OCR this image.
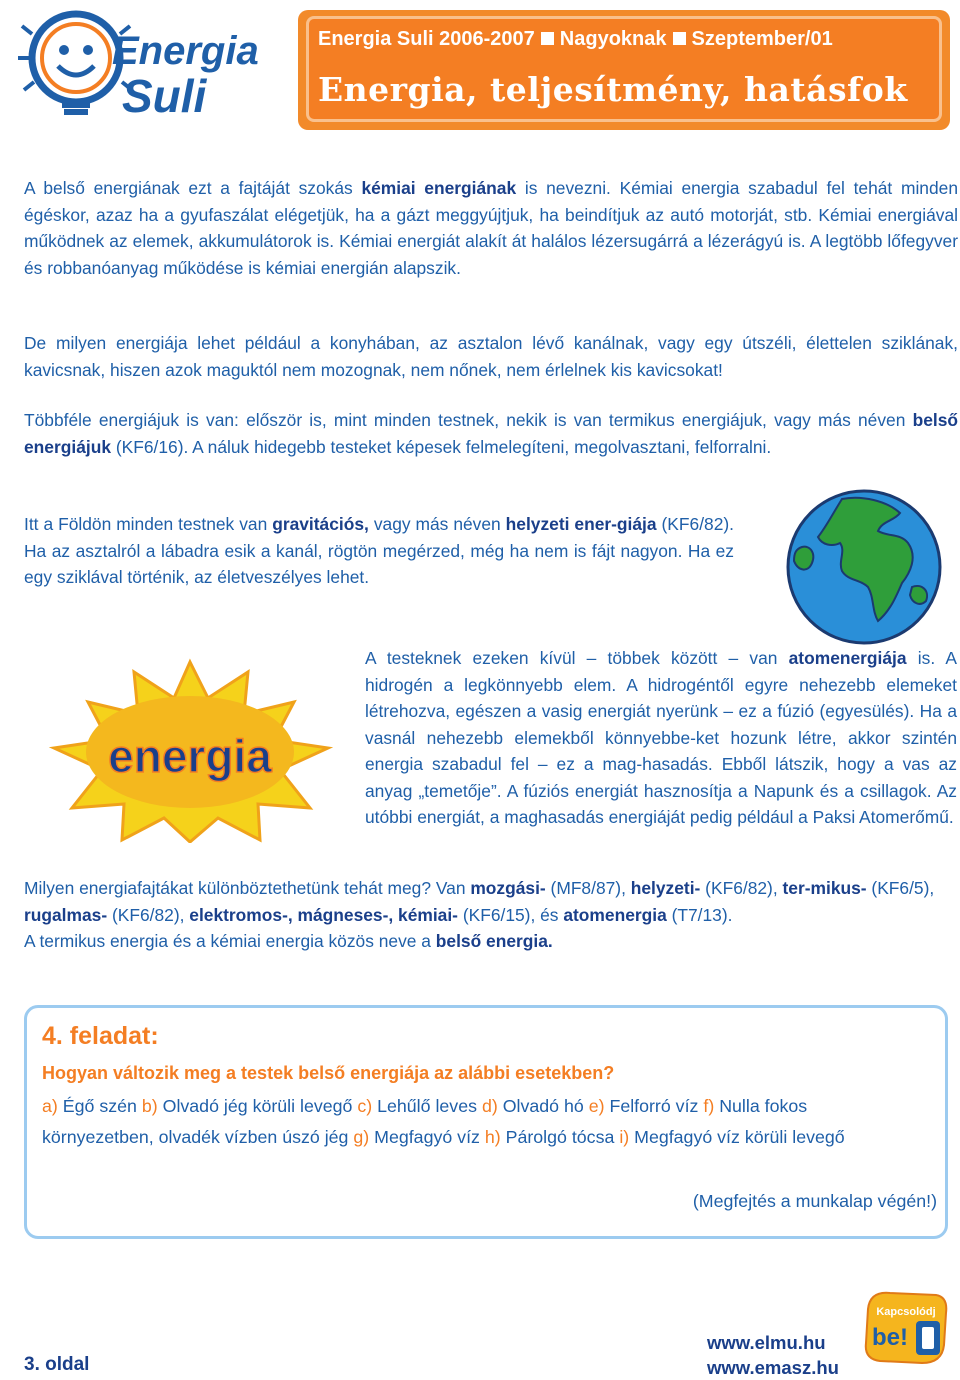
Energia
Suli
Energia Suli 2006-2007 Nagyoknak Szeptember/01
Energia, teljesítmény, hatásfok

A belső energiának ezt a fajtáját szokás kémiai energiának is nevezni. Kémiai energia szabadul fel tehát minden égéskor, azaz ha a gyufaszálat elégetjük, ha a gázt meggyújtjuk, ha beindítjuk az autó motorját, stb. Kémiai energiával működnek az elemek, akkumulátorok is. Kémiai energiát alakít át halálos lézersugárrá a lézerágyú is. A legtöbb lőfegyver és robbanóanyag működése is kémiai energián alapszik.

De milyen energiája lehet például a konyhában, az asztalon lévő kanálnak, vagy egy útszéli, élettelen sziklának, kavicsnak, hiszen azok maguktól nem mozognak, nem nőnek, nem érlelnek kis kavicsokat!

Többféle energiájuk is van: először is, mint minden testnek, nekik is van termikus energiájuk, vagy más néven belső energiájuk (KF6/16). A náluk hidegebb testeket képesek felmelegíteni, megolvasztani, felforralni.

Itt a Földön minden testnek van gravitációs, vagy más néven helyzeti ener-giája (KF6/82). Ha az asztalról a lábadra esik a kanál, rögtön megérzed, még ha nem is fájt nagyon. Ha ez egy sziklával történik, az életveszélyes lehet.

energia

A testeknek ezeken kívül – többek között – van atomenergiája is. A hidrogén a legkönnyebb elem. A hidrogéntől egyre nehezebb elemeket létrehozva, egészen a vasig energiát nyerünk – ez a fúzió (egyesülés). Ha a vasnál nehezebb elemekből könnyebbe-ket hozunk létre, akkor szintén energia szabadul fel – ez a mag-hasadás. Ebből látszik, hogy a vas az anyag „temetője”. A fúziós energiát hasznosítja a Napunk és a csillagok. Az utóbbi energiát, a maghasadás energiáját pedig például a Paksi Atomerőmű.

Milyen energiafajtákat különböztethetünk tehát meg? Van mozgási- (MF8/87), helyzeti- (KF6/82), ter-mikus- (KF6/5), rugalmas- (KF6/82), elektromos-, mágneses-, kémiai- (KF6/15), és atomenergia (T7/13).
A termikus energia és a kémiai energia közös neve a belső energia.

4. feladat:
Hogyan változik meg a testek belső energiája az alábbi esetekben?
a) Égő szén b) Olvadó jég körüli levegő c) Lehűlő leves d) Olvadó hó e) Felforró víz f) Nulla fokos környezetben, olvadék vízben úszó jég g) Megfagyó víz h) Párolgó tócsa i) Megfagyó víz körüli levegő
(Megfejtés a munkalap végén!)
3. oldal
www.elmu.hu
www.emasz.hu
Kapcsolódj
be!
